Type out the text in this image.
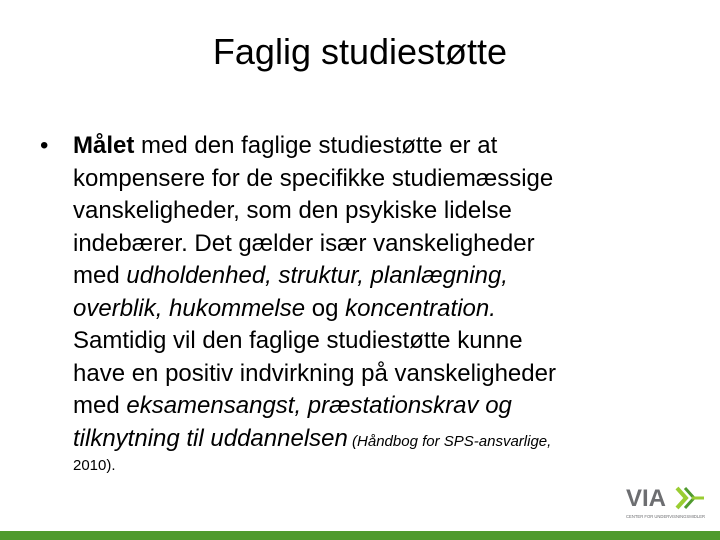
Faglig studiestøtte
• Målet med den faglige studiestøtte er at
kompensere for de specifikke studiemæssige
vanskeligheder, som den psykiske lidelse
indebærer. Det gælder især vanskeligheder
med udholdenhed, struktur, planlægning,
overblik, hukommelse og koncentration.
Samtidig vil den faglige studiestøtte kunne
have en positiv indvirkning på vanskeligheder
med eksamensangst, præstationskrav og
tilknytning til uddannelsen (Håndbog for SPS-ansvarlige,
2010).
VIA
CENTER FOR UNDERVISNINGSMIDLER
